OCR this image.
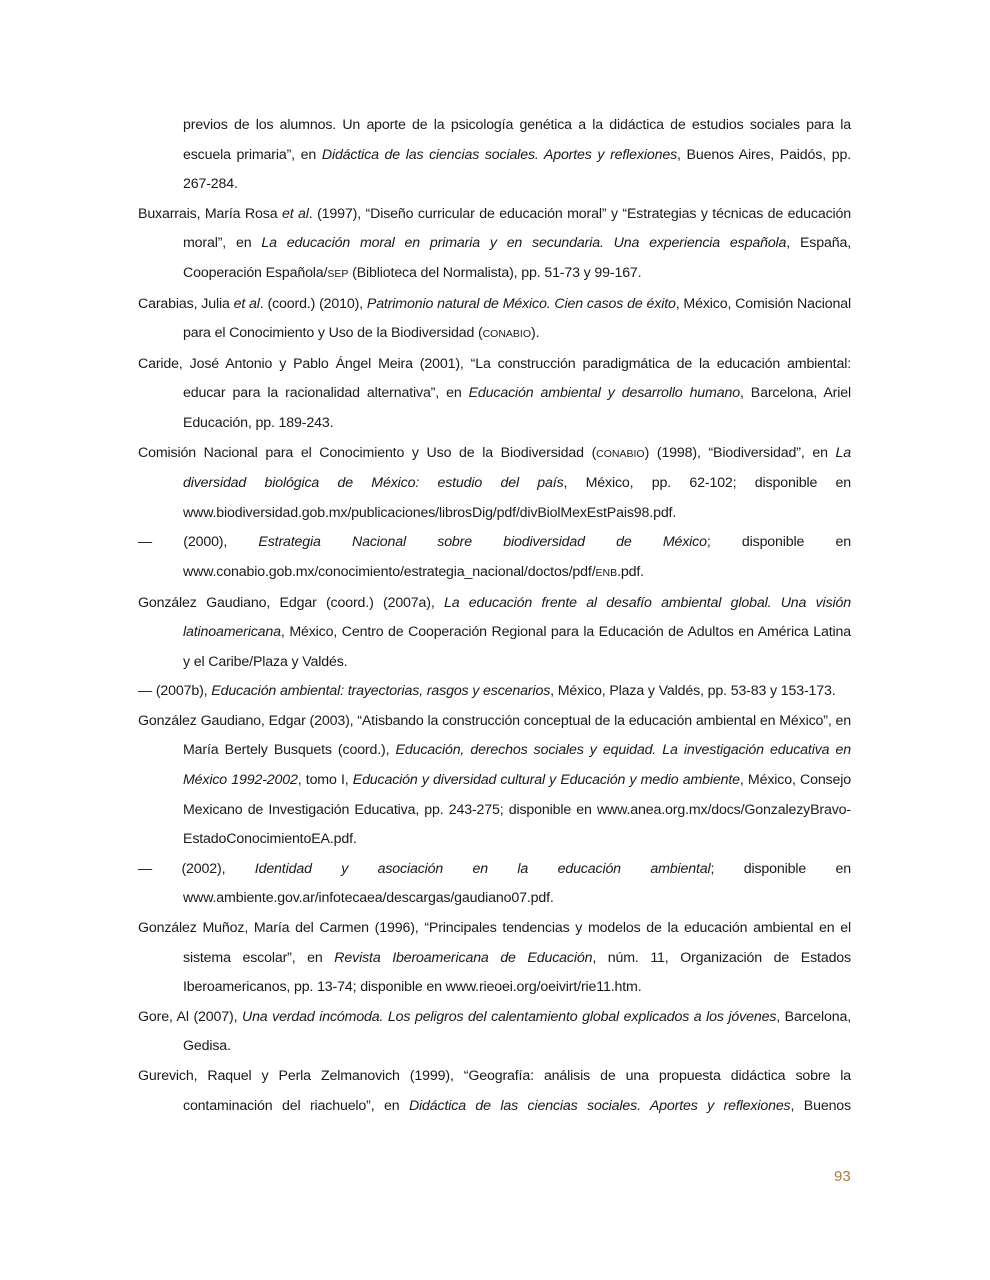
previos de los alumnos. Un aporte de la psicología genética a la didáctica de estudios sociales para la escuela primaria”, en Didáctica de las ciencias sociales. Aportes y reflexiones, Buenos Aires, Paidós, pp. 267-284.

Buxarrais, María Rosa et al. (1997), “Diseño curricular de educación moral” y “Estrategias y técnicas de educación moral”, en La educación moral en primaria y en secundaria. Una experiencia española, España, Cooperación Española/SEP (Biblioteca del Normalista), pp. 51-73 y 99-167.

Carabias, Julia et al. (coord.) (2010), Patrimonio natural de México. Cien casos de éxito, México, Comisión Nacional para el Conocimiento y Uso de la Biodiversidad (CONABIO).

Caride, José Antonio y Pablo Ángel Meira (2001), “La construcción paradigmática de la educación ambiental: educar para la racionalidad alternativa”, en Educación ambiental y desarrollo humano, Barcelona, Ariel Educación, pp. 189-243.

Comisión Nacional para el Conocimiento y Uso de la Biodiversidad (CONABIO) (1998), “Biodiversidad”, en La diversidad biológica de México: estudio del país, México, pp. 62-102; disponible en www.biodiversidad.gob.mx/publicaciones/librosDig/pdf/divBiolMexEstPais98.pdf.

— (2000), Estrategia Nacional sobre biodiversidad de México; disponible en www.conabio.gob.mx/conocimiento/estrategia_nacional/doctos/pdf/ENB.pdf.

González Gaudiano, Edgar (coord.) (2007a), La educación frente al desafío ambiental global. Una visión latinoamericana, México, Centro de Cooperación Regional para la Educación de Adultos en América Latina y el Caribe/Plaza y Valdés.

— (2007b), Educación ambiental: trayectorias, rasgos y escenarios, México, Plaza y Valdés, pp. 53-83 y 153-173.

González Gaudiano, Edgar (2003), “Atisbando la construcción conceptual de la educación ambiental en México”, en María Bertely Busquets (coord.), Educación, derechos sociales y equidad. La investigación educativa en México 1992-2002, tomo I, Educación y diversidad cultural y Educación y medio ambiente, México, Consejo Mexicano de Investigación Educativa, pp. 243-275; disponible en www.anea.org.mx/docs/GonzalezyBravo-EstadoConocimientoEA.pdf.

— (2002), Identidad y asociación en la educación ambiental; disponible en www.ambiente.gov.ar/infotecaea/descargas/gaudiano07.pdf.

González Muñoz, María del Carmen (1996), “Principales tendencias y modelos de la educación ambiental en el sistema escolar”, en Revista Iberoamericana de Educación, núm. 11, Organización de Estados Iberoamericanos, pp. 13-74; disponible en www.rieoei.org/oeivirt/rie11.htm.

Gore, Al (2007), Una verdad incómoda. Los peligros del calentamiento global explicados a los jóvenes, Barcelona, Gedisa.

Gurevich, Raquel y Perla Zelmanovich (1999), “Geografía: análisis de una propuesta didáctica sobre la contaminación del riachuelo”, en Didáctica de las ciencias sociales. Aportes y reflexiones, Buenos

93
